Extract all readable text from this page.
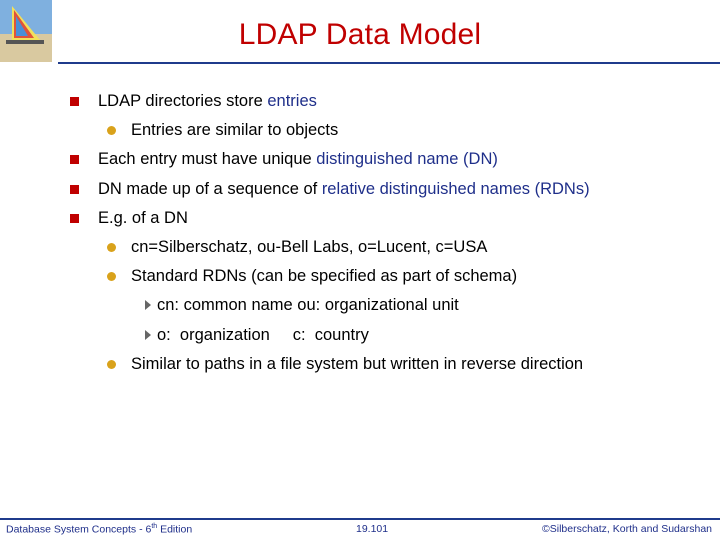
LDAP Data Model
LDAP directories store entries
Entries are similar to objects
Each entry must have unique distinguished name (DN)
DN made up of a sequence of relative distinguished names (RDNs)
E.g. of a DN
cn=Silberschatz, ou-Bell Labs, o=Lucent, c=USA
Standard RDNs (can be specified as part of schema)
cn: common name ou: organizational unit
o:  organization     c:  country
Similar to paths in a file system but written in reverse direction
Database System Concepts - 6th Edition	19.101	©Silberschatz, Korth and Sudarshan
